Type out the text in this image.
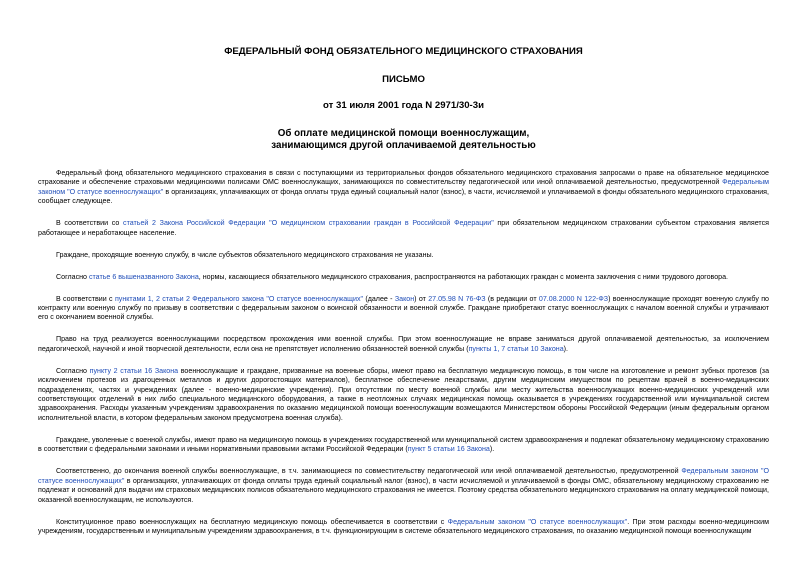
ФЕДЕРАЛЬНЫЙ ФОНД ОБЯЗАТЕЛЬНОГО МЕДИЦИНСКОГО СТРАХОВАНИЯ

ПИСЬМО

от 31 июля 2001 года N 2971/30-3и

Об оплате медицинской помощи военнослужащим,
занимающимся другой оплачиваемой деятельностью

Федеральный фонд обязательного медицинского страхования в связи с поступающими из территориальных фондов обязательного медицинского страхования запросами о праве на обязательное медицинское страхование и обеспечение страховыми медицинскими полисами ОМС военнослужащих, занимающихся по совместительству педагогической или иной оплачиваемой деятельностью, предусмотренной Федеральным законом "О статусе военнослужащих" в организациях, уплачивающих от фонда оплаты труда единый социальный налог (взнос), в части, исчисляемой и уплачиваемой в фонды обязательного медицинского страхования, сообщает следующее.

В соответствии со статьей 2 Закона Российской Федерации "О медицинском страховании граждан в Российской Федерации" при обязательном медицинском страховании субъектом страхования является работающее и неработающее население.

Граждане, проходящие военную службу, в числе субъектов обязательного медицинского страхования не указаны.

Согласно статье 6 вышеназванного Закона, нормы, касающиеся обязательного медицинского страхования, распространяются на работающих граждан с момента заключения с ними трудового договора.

В соответствии с пунктами 1, 2 статьи 2 Федерального закона "О статусе военнослужащих" (далее - Закон) от 27.05.98 N 76-ФЗ (в редакции от 07.08.2000 N 122-ФЗ) военнослужащие проходят военную службу по контракту или военную службу по призыву в соответствии с федеральным законом о воинской обязанности и военной службе. Граждане приобретают статус военнослужащих с началом военной службы и утрачивают его с окончанием военной службы.

Право на труд реализуется военнослужащими посредством прохождения ими военной службы. При этом военнослужащие не вправе заниматься другой оплачиваемой деятельностью, за исключением педагогической, научной и иной творческой деятельности, если она не препятствует исполнению обязанностей военной службы (пункты 1, 7 статьи 10 Закона).

Согласно пункту 2 статьи 16 Закона военнослужащие и граждане, призванные на военные сборы, имеют право на бесплатную медицинскую помощь, в том числе на изготовление и ремонт зубных протезов (за исключением протезов из драгоценных металлов и других дорогостоящих материалов), бесплатное обеспечение лекарствами, другим медицинским имуществом по рецептам врачей в военно-медицинских подразделениях, частях и учреждениях (далее - военно-медицинские учреждения). При отсутствии по месту военной службы или месту жительства военнослужащих военно-медицинских учреждений или соответствующих отделений в них либо специального медицинского оборудования, а также в неотложных случаях медицинская помощь оказывается в учреждениях государственной или муниципальной систем здравоохранения. Расходы указанным учреждениям здравоохранения по оказанию медицинской помощи военнослужащим возмещаются Министерством обороны Российской Федерации (иным федеральным органом исполнительной власти, в котором федеральным законом предусмотрена военная служба).

Граждане, уволенные с военной службы, имеют право на медицинскую помощь в учреждениях государственной или муниципальной систем здравоохранения и подлежат обязательному медицинскому страхованию в соответствии с федеральными законами и иными нормативными правовыми актами Российской Федерации (пункт 5 статьи 16 Закона).

Соответственно, до окончания военной службы военнослужащие, в т.ч. занимающиеся по совместительству педагогической или иной оплачиваемой деятельностью, предусмотренной Федеральным законом "О статусе военнослужащих" в организациях, уплачивающих от фонда оплаты труда единый социальный налог (взнос), в части исчисляемой и уплачиваемой в фонды ОМС, обязательному медицинскому страхованию не подлежат и оснований для выдачи им страховых медицинских полисов обязательного медицинского страхования не имеется. Поэтому средства обязательного медицинского страхования на оплату медицинской помощи, оказанной военнослужащим, не используются.

Конституционное право военнослужащих на бесплатную медицинскую помощь обеспечивается в соответствии с Федеральным законом "О статусе военнослужащих". При этом расходы военно-медицинским учреждениям, государственным и муниципальным учреждениям здравоохранения, в т.ч. функционирующим в системе обязательного медицинского страхования, по оказанию медицинской помощи военнослужащим
